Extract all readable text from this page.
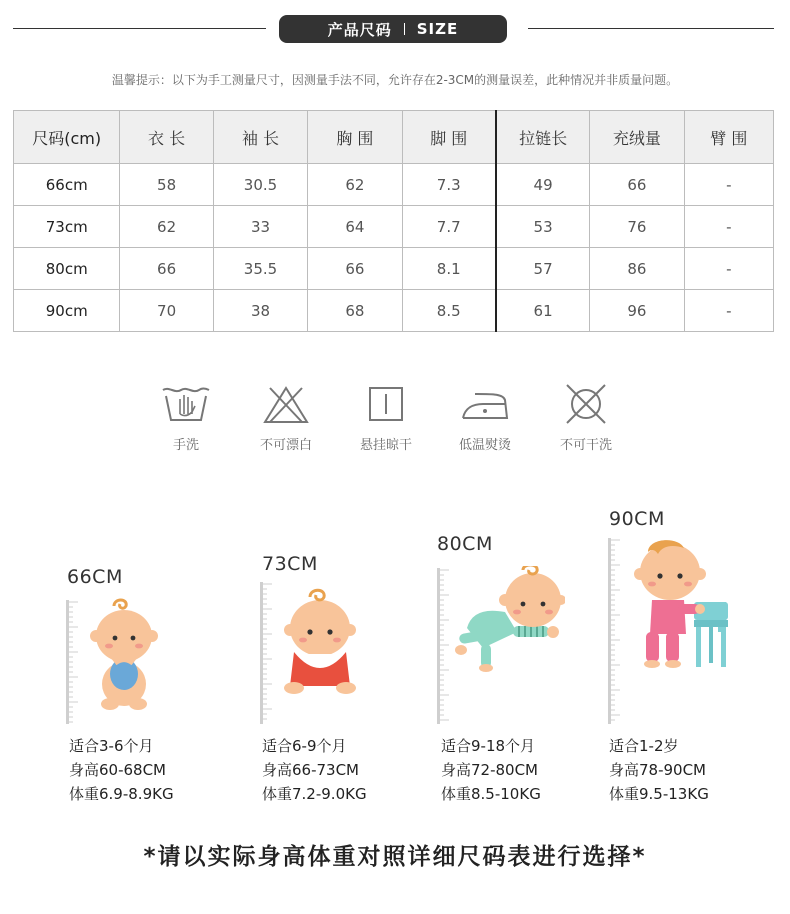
产品尺码 SIZE
温馨提示：以下为手工测量尺寸，因测量手法不同，允许存在2-3CM的测量误差，此种情况并非质量问题。
尺码(cm)	衣 长	袖 长	胸 围	脚 围	拉链长	充绒量	臂 围
66cm	58	30.5	62	7.3	49	66	-
73cm	62	33	64	7.7	53	76	-
80cm	66	35.5	66	8.1	57	86	-
90cm	70	38	68	8.5	61	96	-
手洗	不可漂白	悬挂晾干	低温熨烫	不可干洗
66CM
73CM
80CM
90CM
适合3-6个月
身高60-68CM
体重6.9-8.9KG
适合6-9个月
身高66-73CM
体重7.2-9.0KG
适合9-18个月
身高72-80CM
体重8.5-10KG
适合1-2岁
身高78-90CM
体重9.5-13KG
*请以实际身高体重对照详细尺码表进行选择*
